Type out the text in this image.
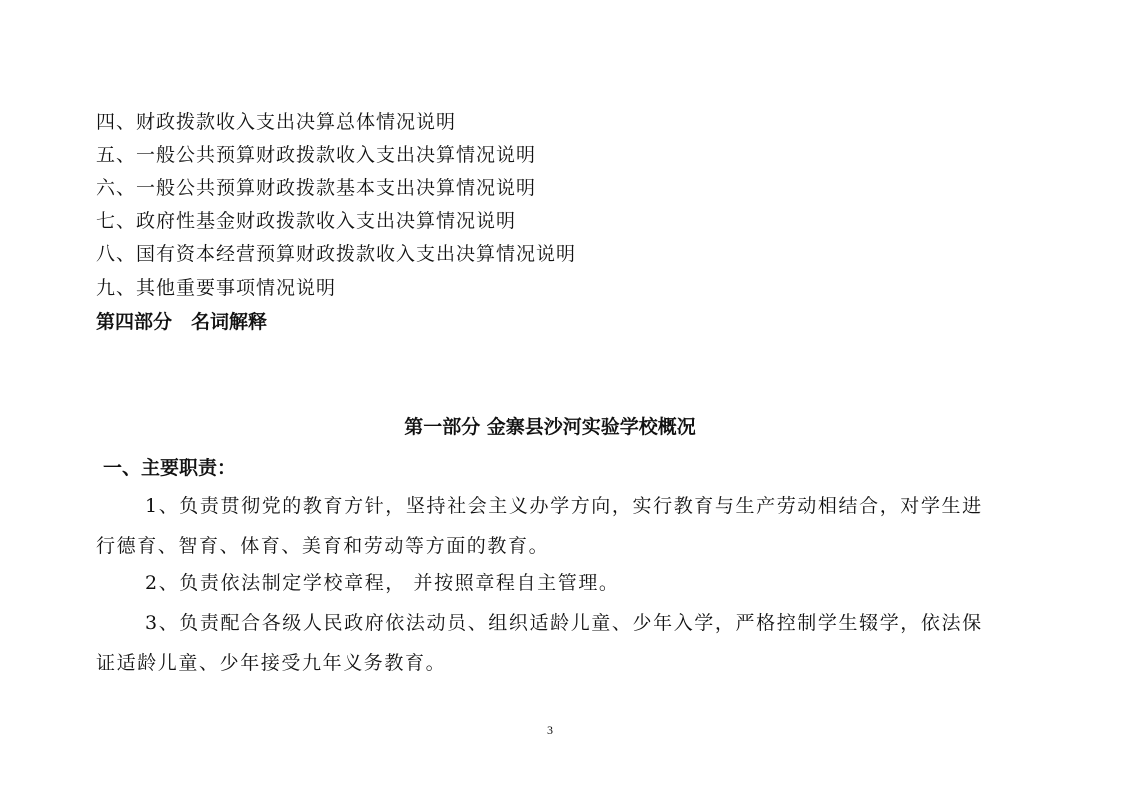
四、财政拨款收入支出决算总体情况说明
五、一般公共预算财政拨款收入支出决算情况说明
六、一般公共预算财政拨款基本支出决算情况说明
七、政府性基金财政拨款收入支出决算情况说明
八、国有资本经营预算财政拨款收入支出决算情况说明
九、其他重要事项情况说明
第四部分　名词解释
第一部分 金寨县沙河实验学校概况
一、主要职责：
1、负责贯彻党的教育方针，坚持社会主义办学方向，实行教育与生产劳动相结合，对学生进
行德育、智育、体育、美育和劳动等方面的教育。
2、负责依法制定学校章程， 并按照章程自主管理。
3、负责配合各级人民政府依法动员、组织适龄儿童、少年入学，严格控制学生辍学，依法保
证适龄儿童、少年接受九年义务教育。
3
